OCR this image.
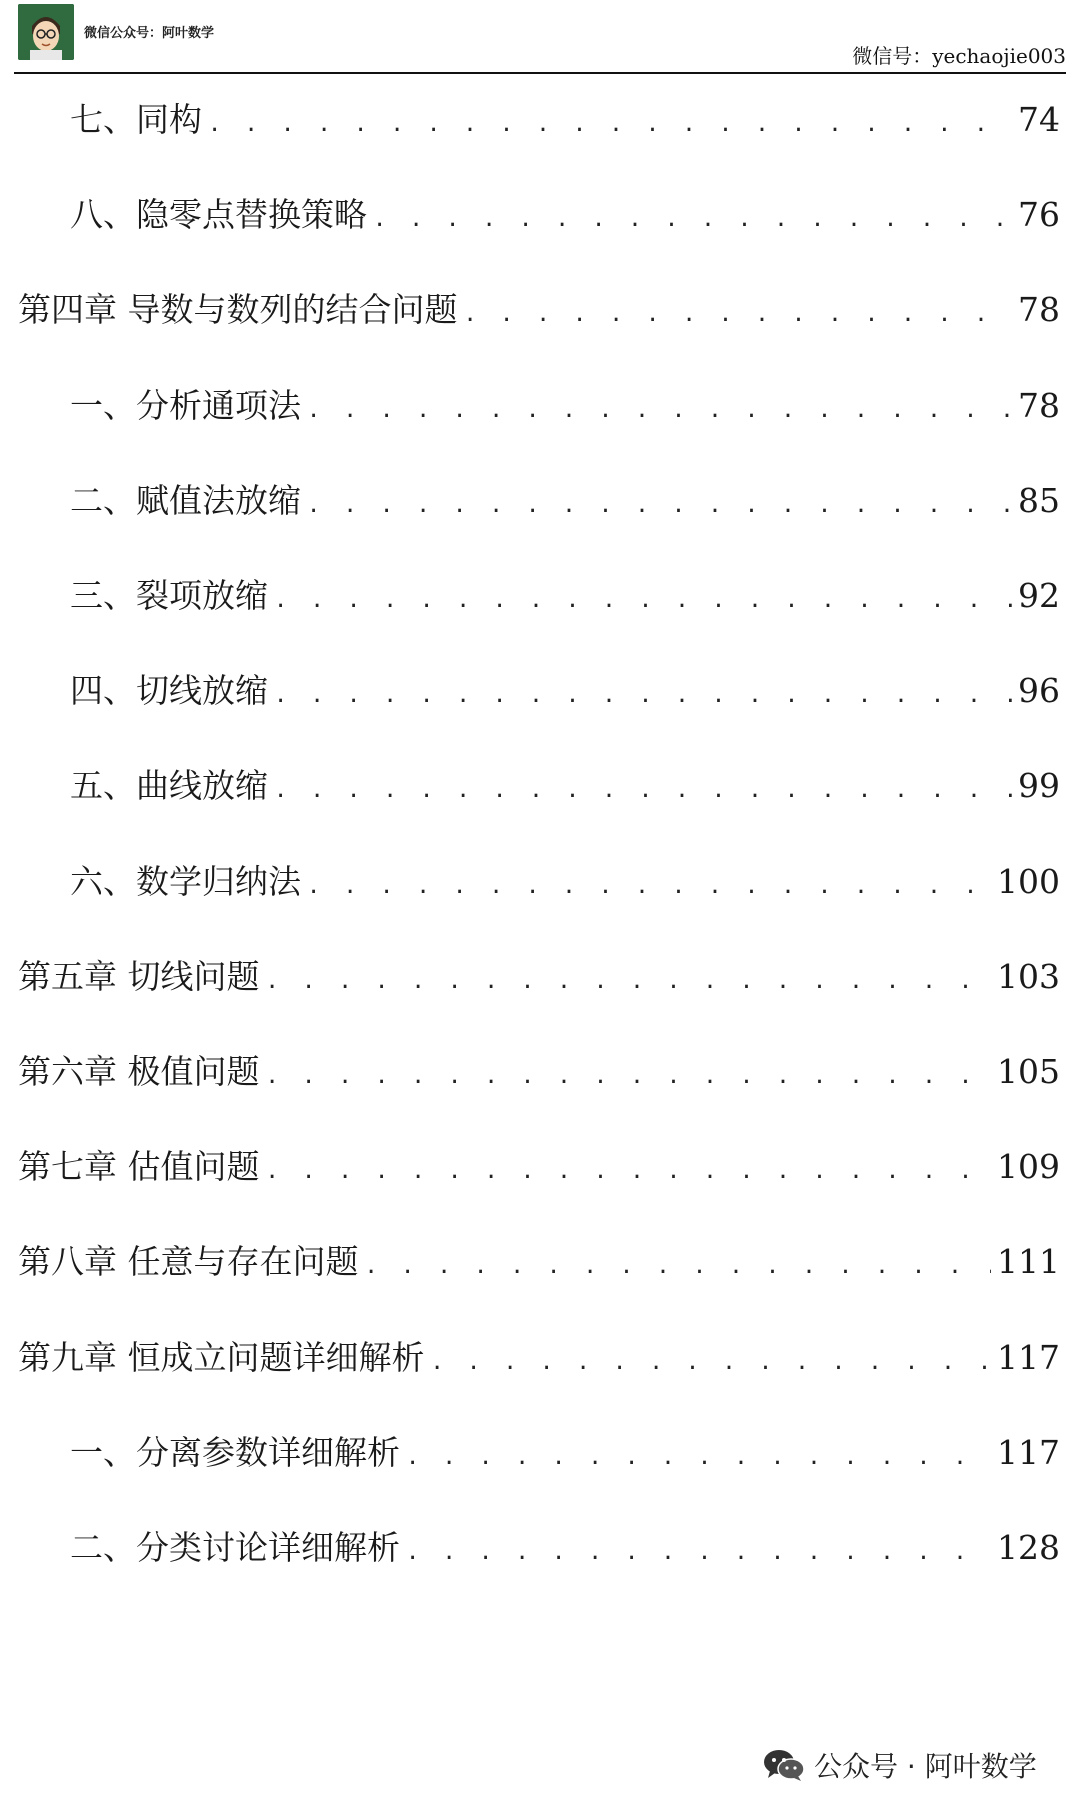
微信公众号：阿叶数学
微信号：yechaojie003
七、同构 . . .	74
八、隐零点替换策略 . . .	76
第四章 导数与数列的结合问题 . . .	78
一、分析通项法 . . .	78
二、赋值法放缩 . . .	85
三、裂项放缩 . . .	92
四、切线放缩 . . .	96
五、曲线放缩 . . .	99
六、数学归纳法 . . .	100
第五章 切线问题 . . .	103
第六章 极值问题 . . .	105
第七章 估值问题 . . .	109
第八章 任意与存在问题 . . .	111
第九章 恒成立问题详细解析 . . .	117
一、分离参数详细解析 . . .	117
二、分类讨论详细解析 . . .	128
公众号 · 阿叶数学
